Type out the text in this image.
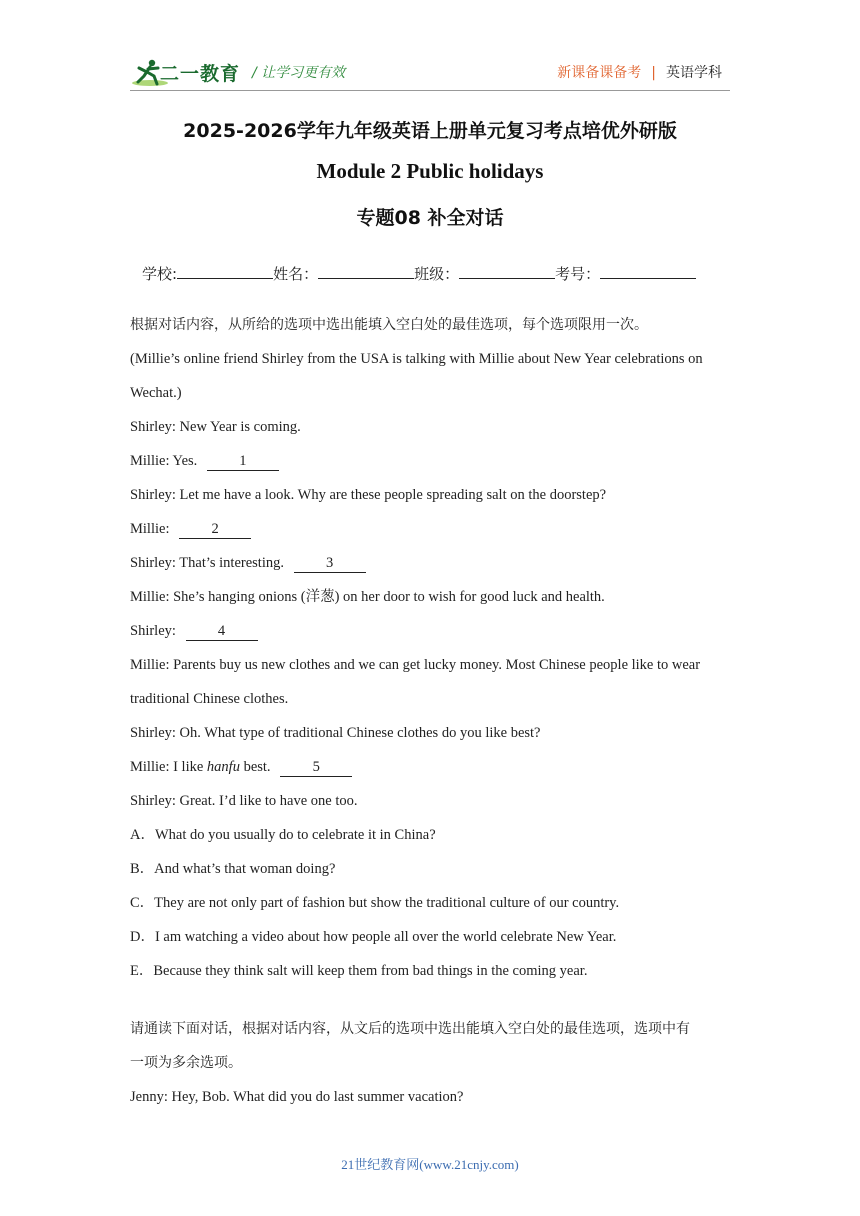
二一教育 / 让学习更有效	新课备课备考 | 英语学科
2025-2026学年九年级英语上册单元复习考点培优外研版
Module 2 Public holidays
专题08 补全对话
学校:	姓名：	班级：	考号：
根据对话内容，从所给的选项中选出能填入空白处的最佳选项，每个选项限用一次。
(Millie’s online friend Shirley from the USA is talking with Millie about New Year celebrations on
Wechat.)
Shirley: New Year is coming.
Millie: Yes.	1
Shirley: Let me have a look. Why are these people spreading salt on the doorstep?
Millie:	2
Shirley: That’s interesting.	3
Millie: She’s hanging onions (洋葱) on her door to wish for good luck and health.
Shirley:	4
Millie: Parents buy us new clothes and we can get lucky money. Most Chinese people like to wear
traditional Chinese clothes.
Shirley: Oh. What type of traditional Chinese clothes do you like best?
Millie: I like hanfu best.	5
Shirley: Great. I’d like to have one too.
A．What do you usually do to celebrate it in China?
B．And what’s that woman doing?
C．They are not only part of fashion but show the traditional culture of our country.
D．I am watching a video about how people all over the world celebrate New Year.
E．Because they think salt will keep them from bad things in the coming year.
请通读下面对话，根据对话内容，从文后的选项中选出能填入空白处的最佳选项，选项中有
一项为多余选项。
Jenny: Hey, Bob. What did you do last summer vacation?
21世纪教育网(www.21cnjy.com)
